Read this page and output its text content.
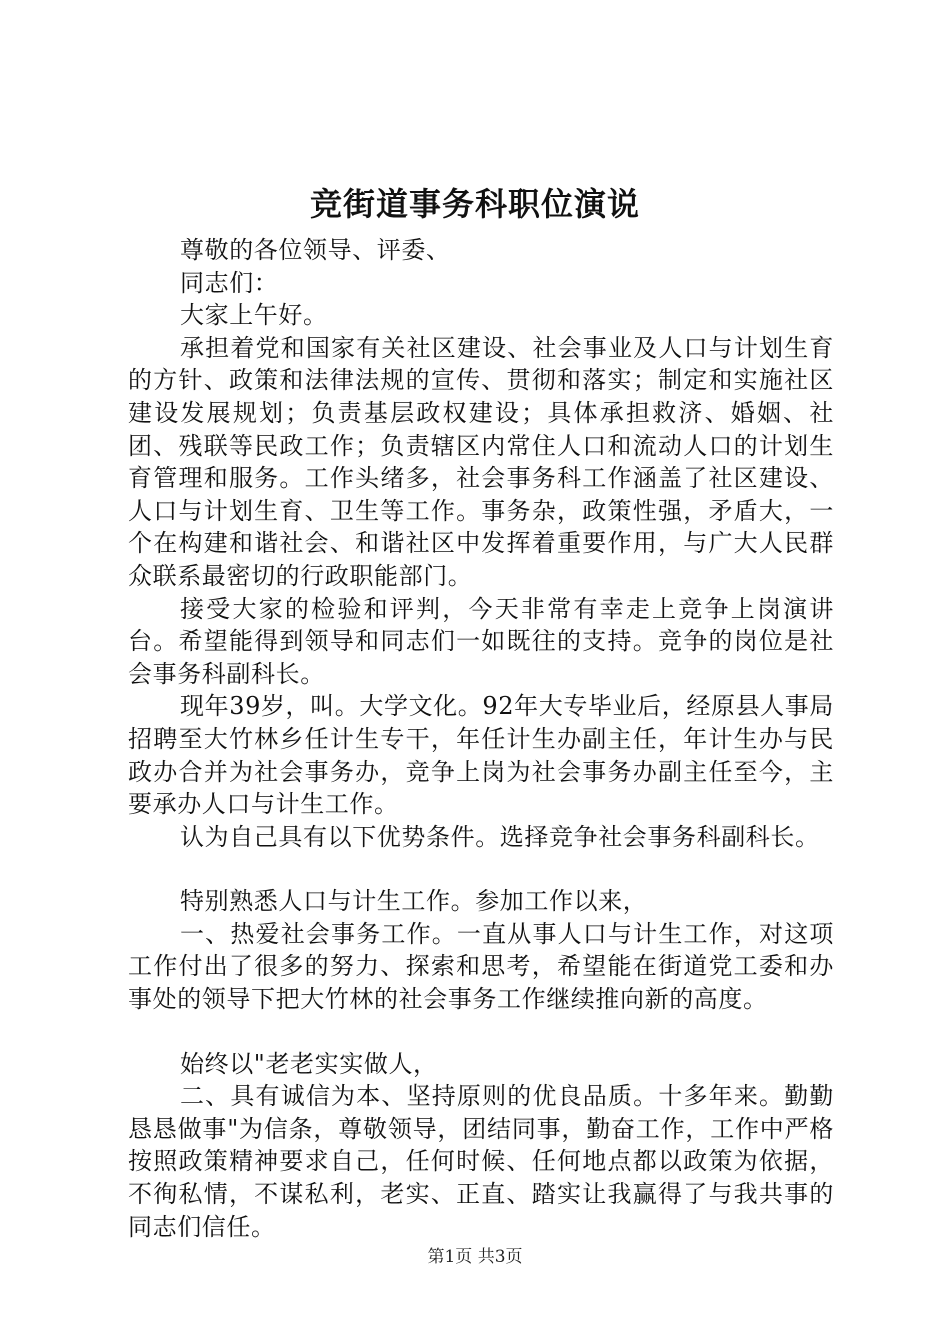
竞街道事务科职位演说

尊敬的各位领导、评委、

同志们：

大家上午好。

承担着党和国家有关社区建设、社会事业及人口与计划生育的方针、政策和法律法规的宣传、贯彻和落实；制定和实施社区建设发展规划；负责基层政权建设；具体承担救济、婚姻、社团、残联等民政工作；负责辖区内常住人口和流动人口的计划生育管理和服务。工作头绪多，社会事务科工作涵盖了社区建设、人口与计划生育、卫生等工作。事务杂，政策性强，矛盾大，一个在构建和谐社会、和谐社区中发挥着重要作用，与广大人民群众联系最密切的行政职能部门。

接受大家的检验和评判，今天非常有幸走上竞争上岗演讲台。希望能得到领导和同志们一如既往的支持。竞争的岗位是社会事务科副科长。

现年39岁，叫。大学文化。92年大专毕业后，经原县人事局招聘至大竹林乡任计生专干，年任计生办副主任，年计生办与民政办合并为社会事务办，竞争上岗为社会事务办副主任至今，主要承办人口与计生工作。

认为自己具有以下优势条件。选择竞争社会事务科副科长。

特别熟悉人口与计生工作。参加工作以来，

一、热爱社会事务工作。一直从事人口与计生工作，对这项工作付出了很多的努力、探索和思考，希望能在街道党工委和办事处的领导下把大竹林的社会事务工作继续推向新的高度。

始终以"老老实实做人，

二、具有诚信为本、坚持原则的优良品质。十多年来。勤勤恳恳做事"为信条，尊敬领导，团结同事，勤奋工作，工作中严格按照政策精神要求自己，任何时候、任何地点都以政策为依据，不徇私情，不谋私利，老实、正直、踏实让我赢得了与我共事的同志们信任。

第1页 共3页
